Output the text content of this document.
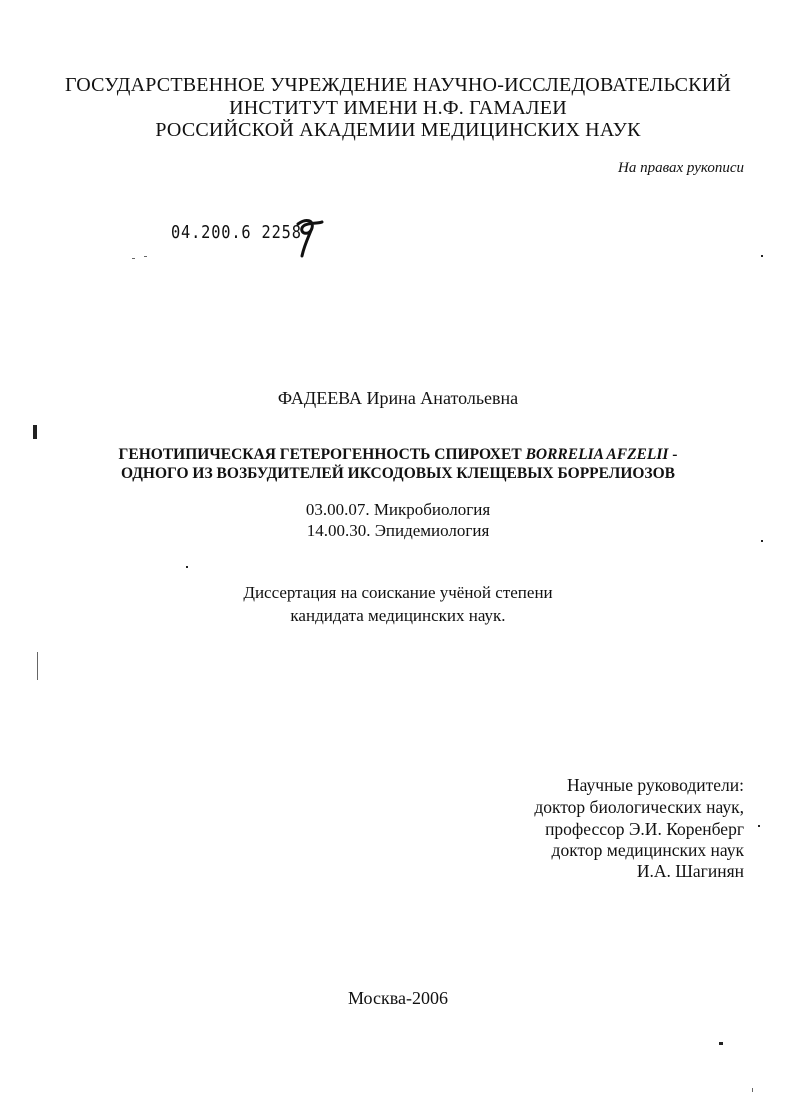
ГОСУДАРСТВЕННОЕ УЧРЕЖДЕНИЕ НАУЧНО-ИССЛЕДОВАТЕЛЬСКИЙ
ИНСТИТУТ ИМЕНИ Н.Ф. ГАМАЛЕИ
РОССИЙСКОЙ АКАДЕМИИ МЕДИЦИНСКИХ НАУК
На правах рукописи
04.200.6 2258
ФАДЕЕВА Ирина Анатольевна
ГЕНОТИПИЧЕСКАЯ ГЕТЕРОГЕННОСТЬ СПИРОХЕТ BORRELIA AFZELII -
ОДНОГО ИЗ ВОЗБУДИТЕЛЕЙ ИКСОДОВЫХ КЛЕЩЕВЫХ БОРРЕЛИОЗОВ
03.00.07. Микробиология
14.00.30. Эпидемиология
Диссертация на соискание учёной степени
кандидата медицинских наук.
Научные руководители:
доктор биологических наук,
профессор Э.И. Коренберг
доктор медицинских наук
И.А. Шагинян
Москва-2006
